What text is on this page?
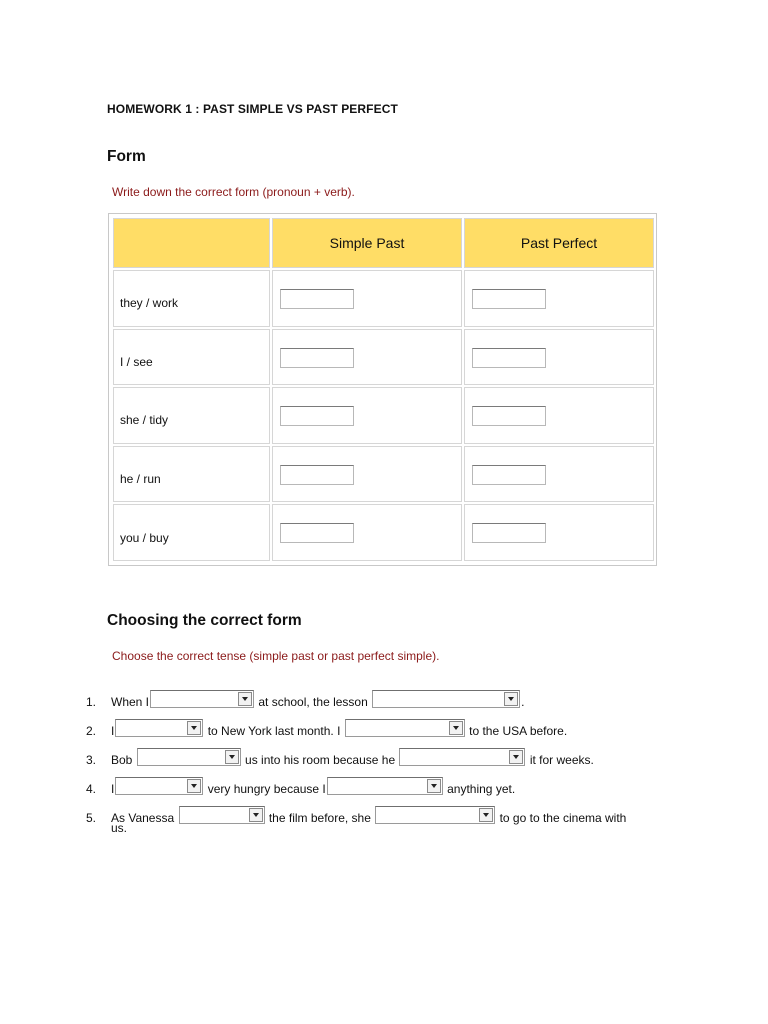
HOMEWORK 1 : PAST SIMPLE VS PAST PERFECT
Form
Write down the correct form (pronoun + verb).
	Simple Past	Past Perfect
they / work	

I / see	

she / tidy	

he / run	

you / buy	

Choosing the correct form
Choose the correct tense (simple past or past perfect simple).
1.	When I	at school, the lesson	.
2.	I	to New York last month. I	to the USA before.
3.	Bob	us into his room because he	it for weeks.
4.	I	very hungry because I	anything yet.
5.	As Vanessa	the film before, she	to go to the cinema with
us.
